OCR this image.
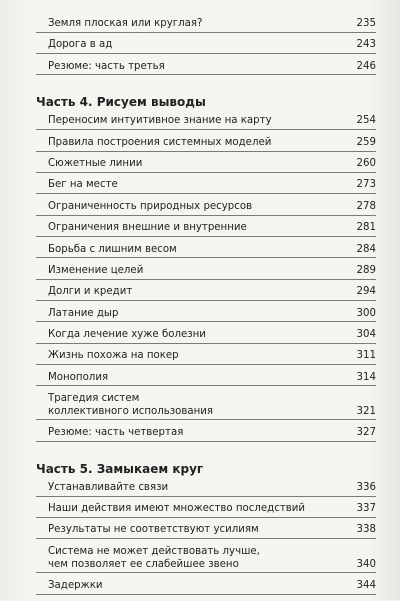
Земля плоская или круглая?	235
Дорога в ад	243
Резюме: часть третья	246
Часть 4. Рисуем выводы
Переносим интуитивное знание на карту	254
Правила построения системных моделей	259
Сюжетные линии	260
Бег на месте	273
Ограниченность природных ресурсов	278
Ограничения внешние и внутренние	281
Борьба с лишним весом	284
Изменение целей	289
Долги и кредит	294
Латание дыр	300
Когда лечение хуже болезни	304
Жизнь похожа на покер	311
Монополия	314
Трагедия систем
коллективного использования	321
Резюме: часть четвертая	327
Часть 5. Замыкаем круг
Устанавливайте связи	336
Наши действия имеют множество последствий	337
Результаты не соответствуют усилиям	338
Система не может действовать лучше,
чем позволяет ее слабейшее звено	340
Задержки	344
